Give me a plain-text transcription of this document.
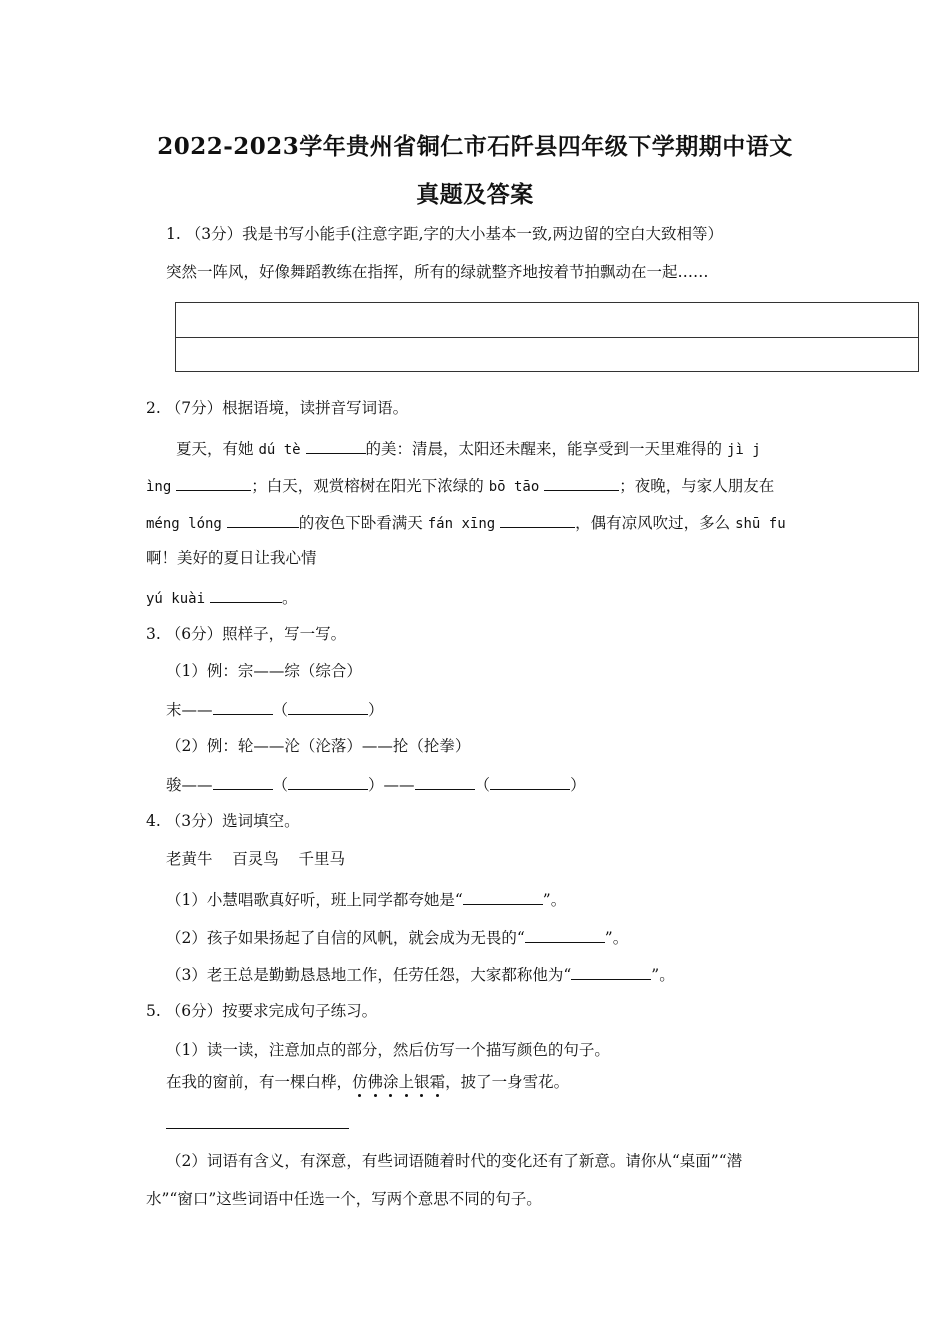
2022-2023学年贵州省铜仁市石阡县四年级下学期期中语文
真题及答案
1. （3分）我是书写小能手(注意字距,字的大小基本一致,两边留的空白大致相等）
突然一阵风，好像舞蹈教练在指挥，所有的绿就整齐地按着节拍飘动在一起……
2. （7分）根据语境，读拼音写词语。
夏天，有她 dú tè	的美：清晨，太阳还未醒来，能享受到一天里难得的 jì j
ìng	；白天，观赏榕树在阳光下浓绿的 bō tāo	；夜晚，与家人朋友在
méng lóng	的夜色下卧看满天 fán xīng	，偶有凉风吹过，多么 shū fu
啊！美好的夏日让我心情
yú kuài	。
3. （6分）照样子，写一写。
（1）例：宗——综（综合）
末——	（	）
（2）例：轮——沦（沦落）——抡（抡拳）
骏——	（	）——	（	）
4. （3分）选词填空。
老黄牛 百灵鸟 千里马
（1）小慧唱歌真好听，班上同学都夸她是“	”。
（2）孩子如果扬起了自信的风帆，就会成为无畏的“	”。
（3）老王总是勤勤恳恳地工作，任劳任怨，大家都称他为“	”。
5. （6分）按要求完成句子练习。
（1）读一读，注意加点的部分，然后仿写一个描写颜色的句子。
在我的窗前，有一棵白桦，仿佛涂上银霜，披了一身雪花。
（2）词语有含义，有深意，有些词语随着时代的变化还有了新意。请你从“桌面”“潜
水”“窗口”这些词语中任选一个，写两个意思不同的句子。
